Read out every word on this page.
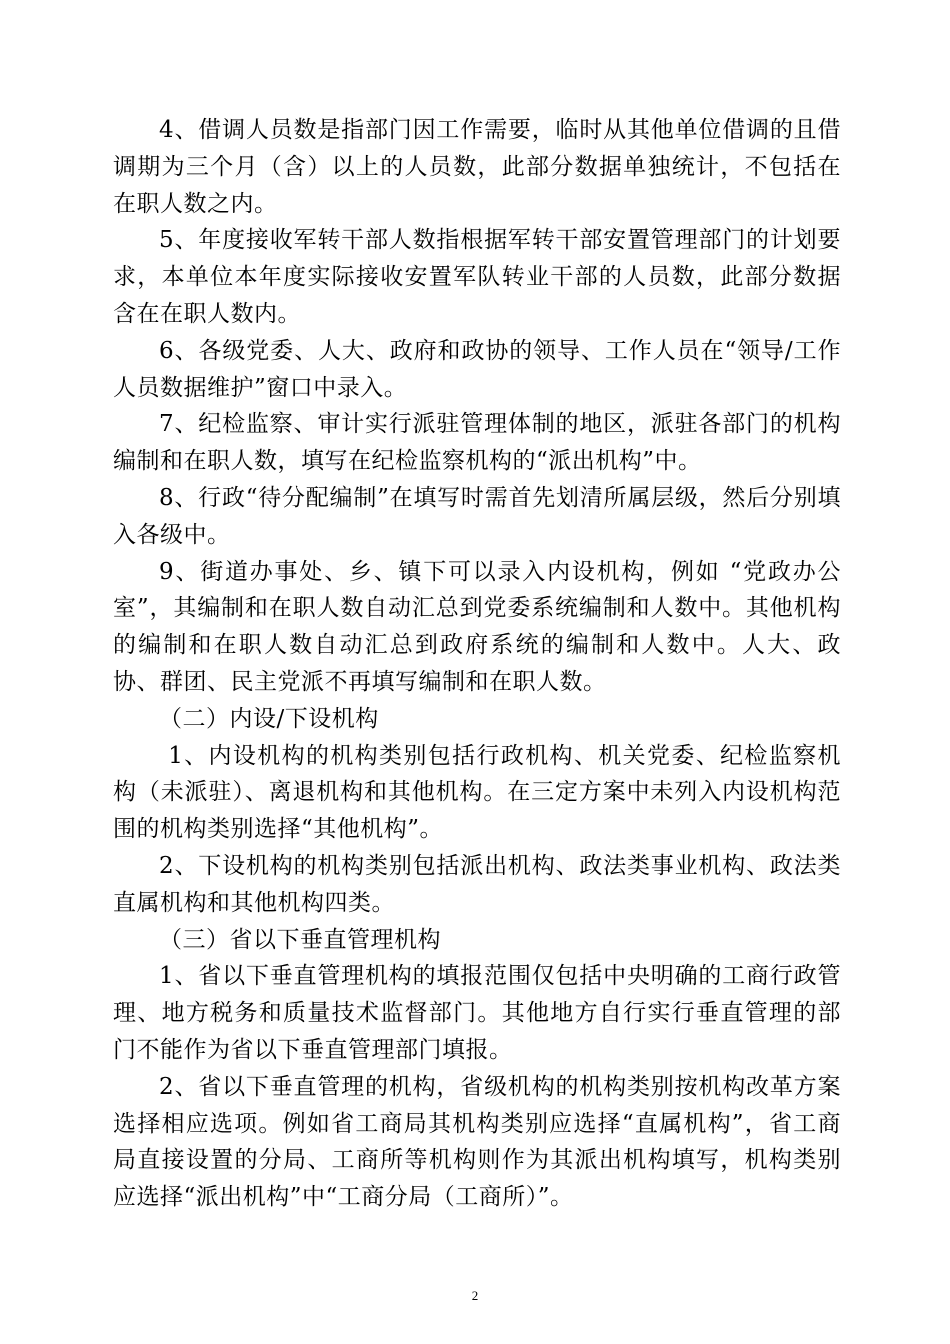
4、借调人员数是指部门因工作需要，临时从其他单位借调的且借调期为三个月（含）以上的人员数，此部分数据单独统计，不包括在在职人数之内。

5、年度接收军转干部人数指根据军转干部安置管理部门的计划要求，本单位本年度实际接收安置军队转业干部的人员数，此部分数据含在在职人数内。

6、各级党委、人大、政府和政协的领导、工作人员在“领导/工作人员数据维护”窗口中录入。

7、纪检监察、审计实行派驻管理体制的地区，派驻各部门的机构编制和在职人数，填写在纪检监察机构的“派出机构”中。

8、行政“待分配编制”在填写时需首先划清所属层级，然后分别填入各级中。

9、街道办事处、乡、镇下可以录入内设机构，例如 “党政办公室”，其编制和在职人数自动汇总到党委系统编制和人数中。其他机构的编制和在职人数自动汇总到政府系统的编制和人数中。人大、政协、群团、民主党派不再填写编制和在职人数。

（二）内设/下设机构

1、内设机构的机构类别包括行政机构、机关党委、纪检监察机构（未派驻）、离退机构和其他机构。在三定方案中未列入内设机构范围的机构类别选择“其他机构”。

2、下设机构的机构类别包括派出机构、政法类事业机构、政法类直属机构和其他机构四类。

（三）省以下垂直管理机构

1、省以下垂直管理机构的填报范围仅包括中央明确的工商行政管理、地方税务和质量技术监督部门。其他地方自行实行垂直管理的部门不能作为省以下垂直管理部门填报。

2、省以下垂直管理的机构，省级机构的机构类别按机构改革方案选择相应选项。例如省工商局其机构类别应选择“直属机构”，省工商局直接设置的分局、工商所等机构则作为其派出机构填写，机构类别应选择“派出机构”中“工商分局（工商所）”。

2
